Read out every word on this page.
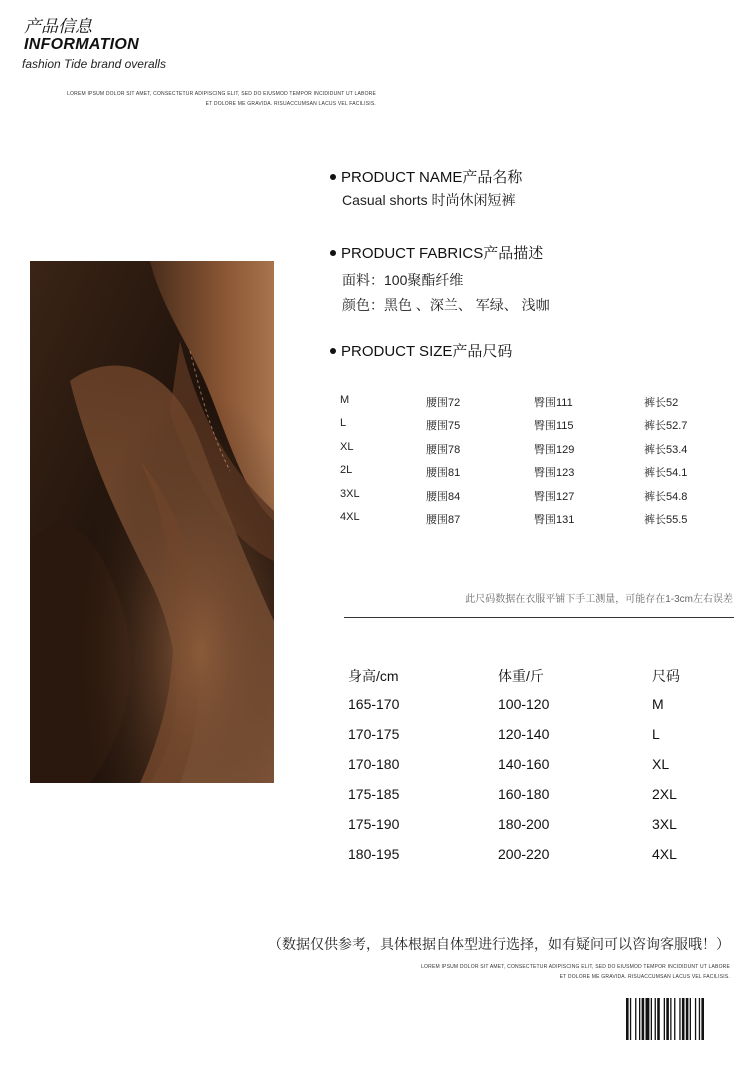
产品信息
INFORMATION
fashion Tide brand overalls
LOREM IPSUM DOLOR SIT AMET, CONSECTETUR ADIPISCING ELIT, SED DO EIUSMOD TEMPOR INCIDIDUNT UT LABORE
ET DOLORE ME GRAVIDA. RISUACCUMSAN LACUS VEL FACILISIS.
PRODUCT NAME产品名称
Casual shorts 时尚休闲短裤
PRODUCT FABRICS产品描述
面料：100聚酯纤维
颜色：黑色 、深兰、 军绿、 浅咖
PRODUCT SIZE产品尺码
M	腰围72	臀围111	裤长52
L	腰围75	臀围115	裤长52.7
XL	腰围78	臀围129	裤长53.4
2L	腰围81	臀围123	裤长54.1
3XL	腰围84	臀围127	裤长54.8
4XL	腰围87	臀围131	裤长55.5
此尺码数据在衣服平铺下手工测量，可能存在1-3cm左右误差
身高/cm	体重/斤	尺码
165-170	100-120	M
170-175	120-140	L
170-180	140-160	XL
175-185	160-180	2XL
175-190	180-200	3XL
180-195	200-220	4XL
（数据仅供参考，具体根据自体型进行选择，如有疑问可以咨询客服哦！）
LOREM IPSUM DOLOR SIT AMET, CONSECTETUR ADIPISCING ELIT, SED DO EIUSMOD TEMPOR INCIDIDUNT UT LABORE
ET DOLORE ME GRAVIDA. RISUACCUMSAN LACUS VEL FACILISIS.
